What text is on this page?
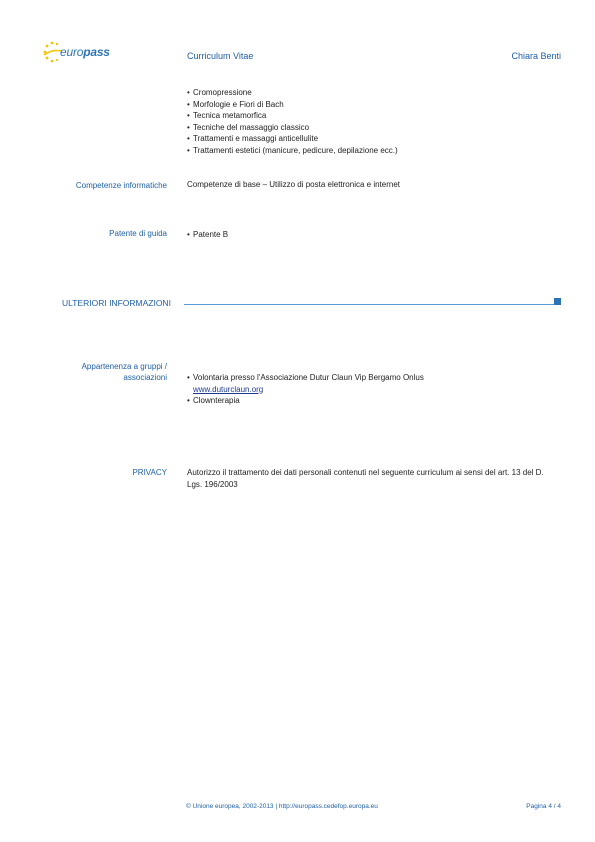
europass	Curriculum Vitae	Chiara Benti
• Cromopressione
• Morfologie e Fiori di Bach
• Tecnica metamorfica
• Tecniche del massaggio classico
• Trattamenti e massaggi anticellulite
• Trattamenti estetici (manicure, pedicure, depilazione ecc.)
Competenze informatiche	Competenze di base – Utilizzo di posta elettronica e internet
Patente di guida	• Patente B
ULTERIORI INFORMAZIONI
Appartenenza a gruppi /
associazioni	• Volontaria presso l'Associazione Dutur Claun Vip Bergamo Onlus
www.duturclaun.org
• Clownterapia
PRIVACY	Autorizzo il trattamento dei dati personali contenuti nel seguente curriculum ai sensi del art. 13 del D.
Lgs. 196/2003
© Unione europea, 2002-2013 | http://europass.cedefop.europa.eu	Pagina 4 / 4
